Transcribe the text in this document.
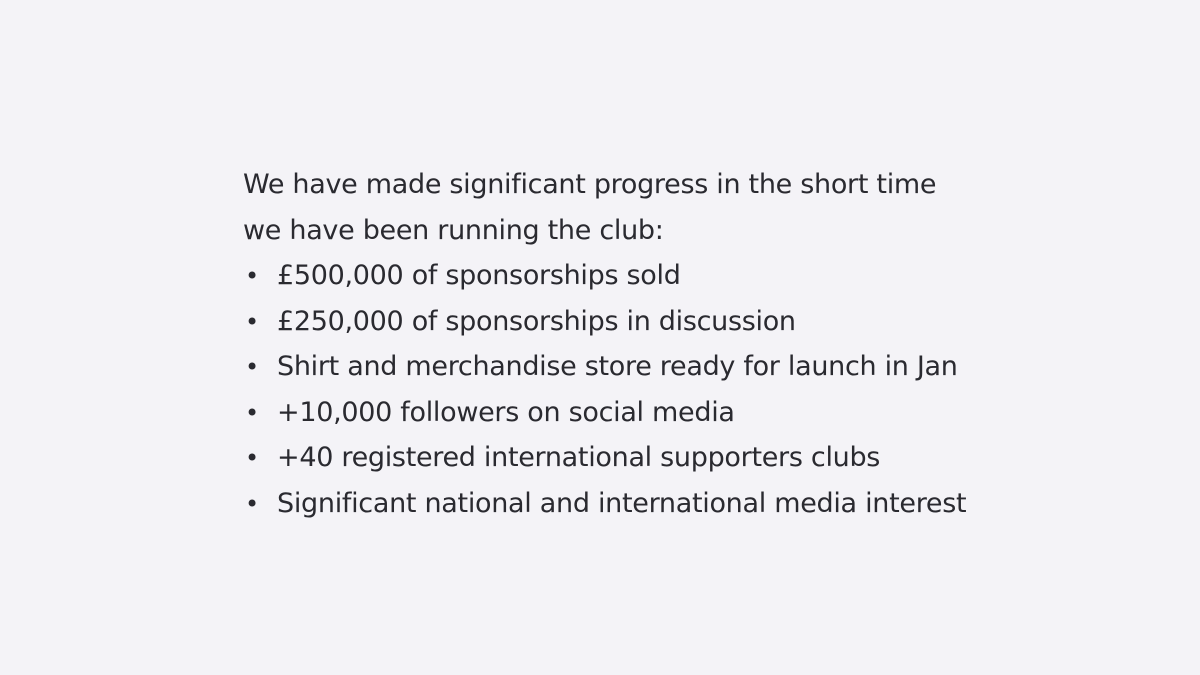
We have made significant progress in the short time
we have been running the club:

• £500,000 of sponsorships sold
• £250,000 of sponsorships in discussion
• Shirt and merchandise store ready for launch in Jan
• +10,000 followers on social media
• +40 registered international supporters clubs
• Significant national and international media interest
